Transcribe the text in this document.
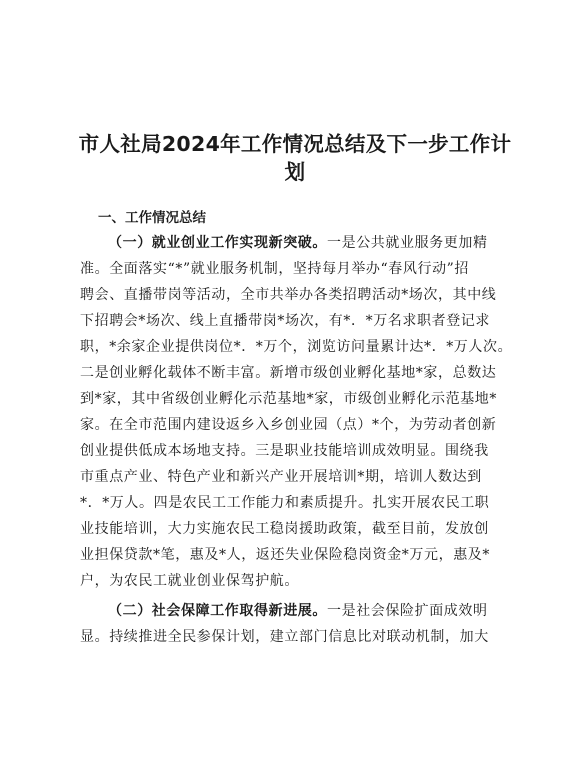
市人社局2024年工作情况总结及下一步工作计
划
一、工作情况总结
（一）就业创业工作实现新突破。一是公共就业服务更加精
准。全面落实“*”就业服务机制，坚持每月举办“春风行动”招
聘会、直播带岗等活动，全市共举办各类招聘活动*场次，其中线
下招聘会*场次、线上直播带岗*场次，有*．*万名求职者登记求
职，*余家企业提供岗位*．*万个，浏览访问量累计达*．*万人次。
二是创业孵化载体不断丰富。新增市级创业孵化基地*家，总数达
到*家，其中省级创业孵化示范基地*家，市级创业孵化示范基地*
家。在全市范围内建设返乡入乡创业园（点）*个，为劳动者创新
创业提供低成本场地支持。三是职业技能培训成效明显。围绕我
市重点产业、特色产业和新兴产业开展培训*期，培训人数达到
*．*万人。四是农民工工作能力和素质提升。扎实开展农民工职
业技能培训，大力实施农民工稳岗援助政策，截至目前，发放创
业担保贷款*笔，惠及*人，返还失业保险稳岗资金*万元，惠及*
户，为农民工就业创业保驾护航。
（二）社会保障工作取得新进展。一是社会保险扩面成效明
显。持续推进全民参保计划，建立部门信息比对联动机制，加大
